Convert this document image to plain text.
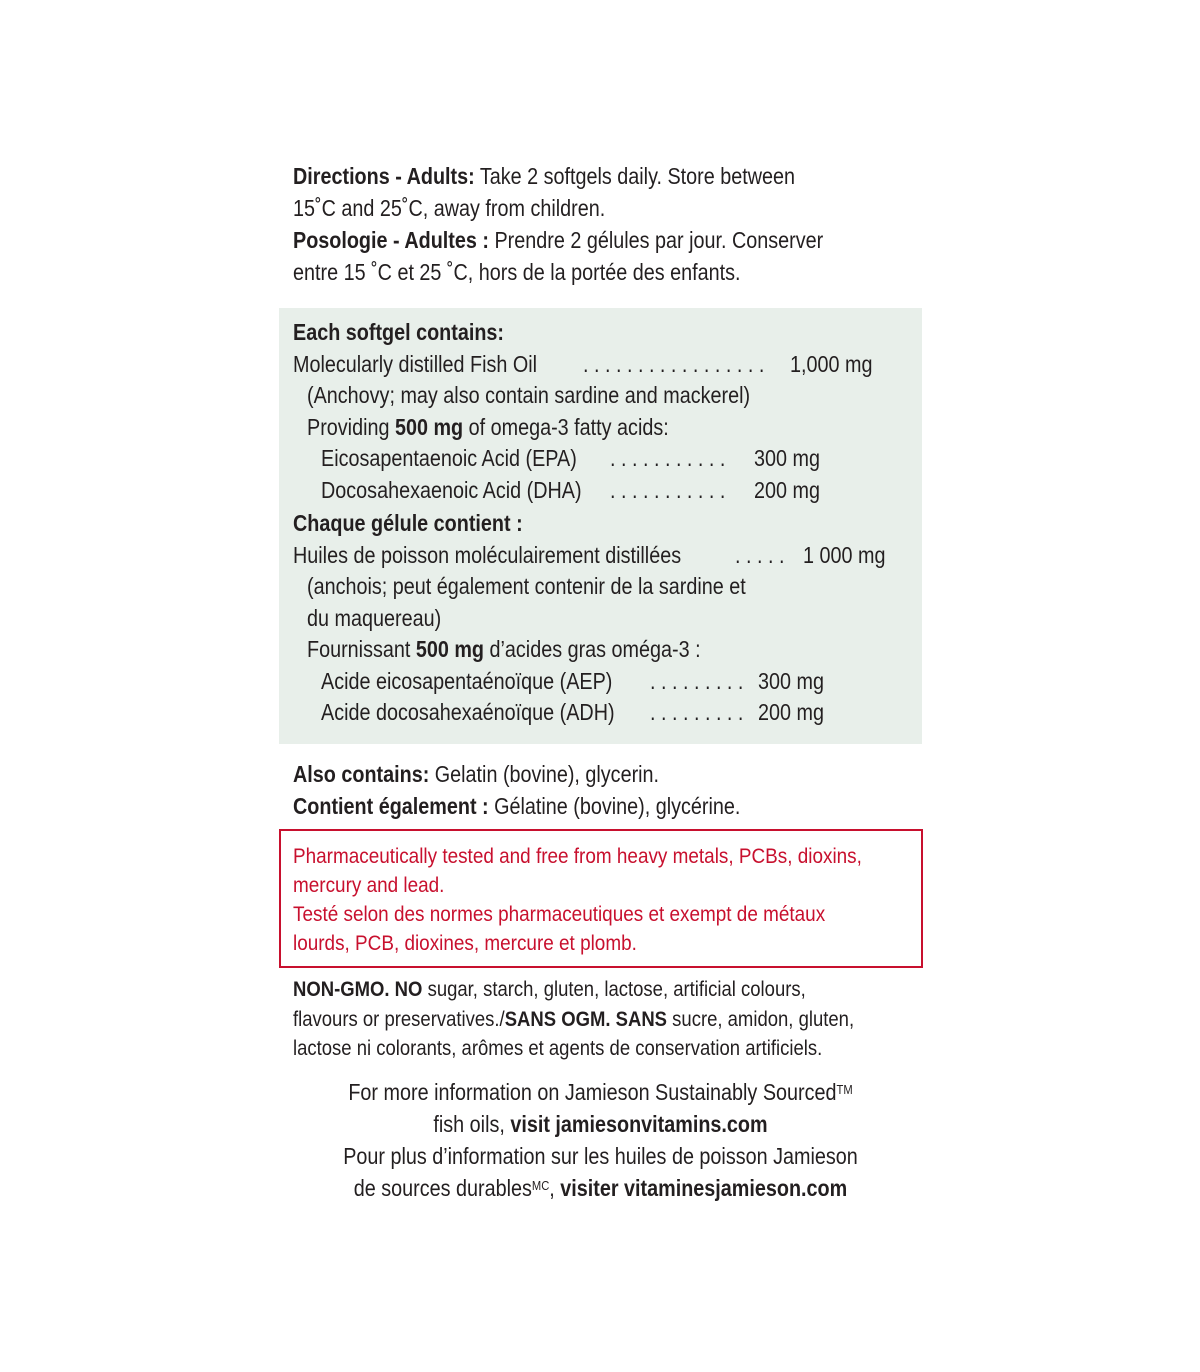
Directions - Adults: Take 2 softgels daily. Store between
15˚C and 25˚C, away from children.
Posologie - Adultes : Prendre 2 gélules par jour. Conserver
entre 15 ˚C et 25 ˚C, hors de la portée des enfants.
Each softgel contains:
Molecularly distilled Fish Oil . . . . . . . . . . . . . . . . . 1,000 mg
(Anchovy; may also contain sardine and mackerel)
Providing 500 mg of omega-3 fatty acids:
Eicosapentaenoic Acid (EPA) . . . . . . . . . . . 300 mg
Docosahexaenoic Acid (DHA) . . . . . . . . . . . 200 mg
Chaque gélule contient :
Huiles de poisson moléculairement distillées . . . . . 1 000 mg
(anchois; peut également contenir de la sardine et
du maquereau)
Fournissant 500 mg d’acides gras oméga-3 :
Acide eicosapentaénoïque (AEP) . . . . . . . . . 300 mg
Acide docosahexaénoïque (ADH) . . . . . . . . . 200 mg
Also contains: Gelatin (bovine), glycerin.
Contient également : Gélatine (bovine), glycérine.
Pharmaceutically tested and free from heavy metals, PCBs, dioxins,
mercury and lead.
Testé selon des normes pharmaceutiques et exempt de métaux
lourds, PCB, dioxines, mercure et plomb.
NON-GMO. NO sugar, starch, gluten, lactose, artificial colours,
flavours or preservatives./SANS OGM. SANS sucre, amidon, gluten,
lactose ni colorants, arômes et agents de conservation artificiels.
For more information on Jamieson Sustainably Sourced™
fish oils, visit jamiesonvitamins.com
Pour plus d’information sur les huiles de poisson Jamieson
de sources durables$^{MC}$, visiter vitaminesjamieson.com
